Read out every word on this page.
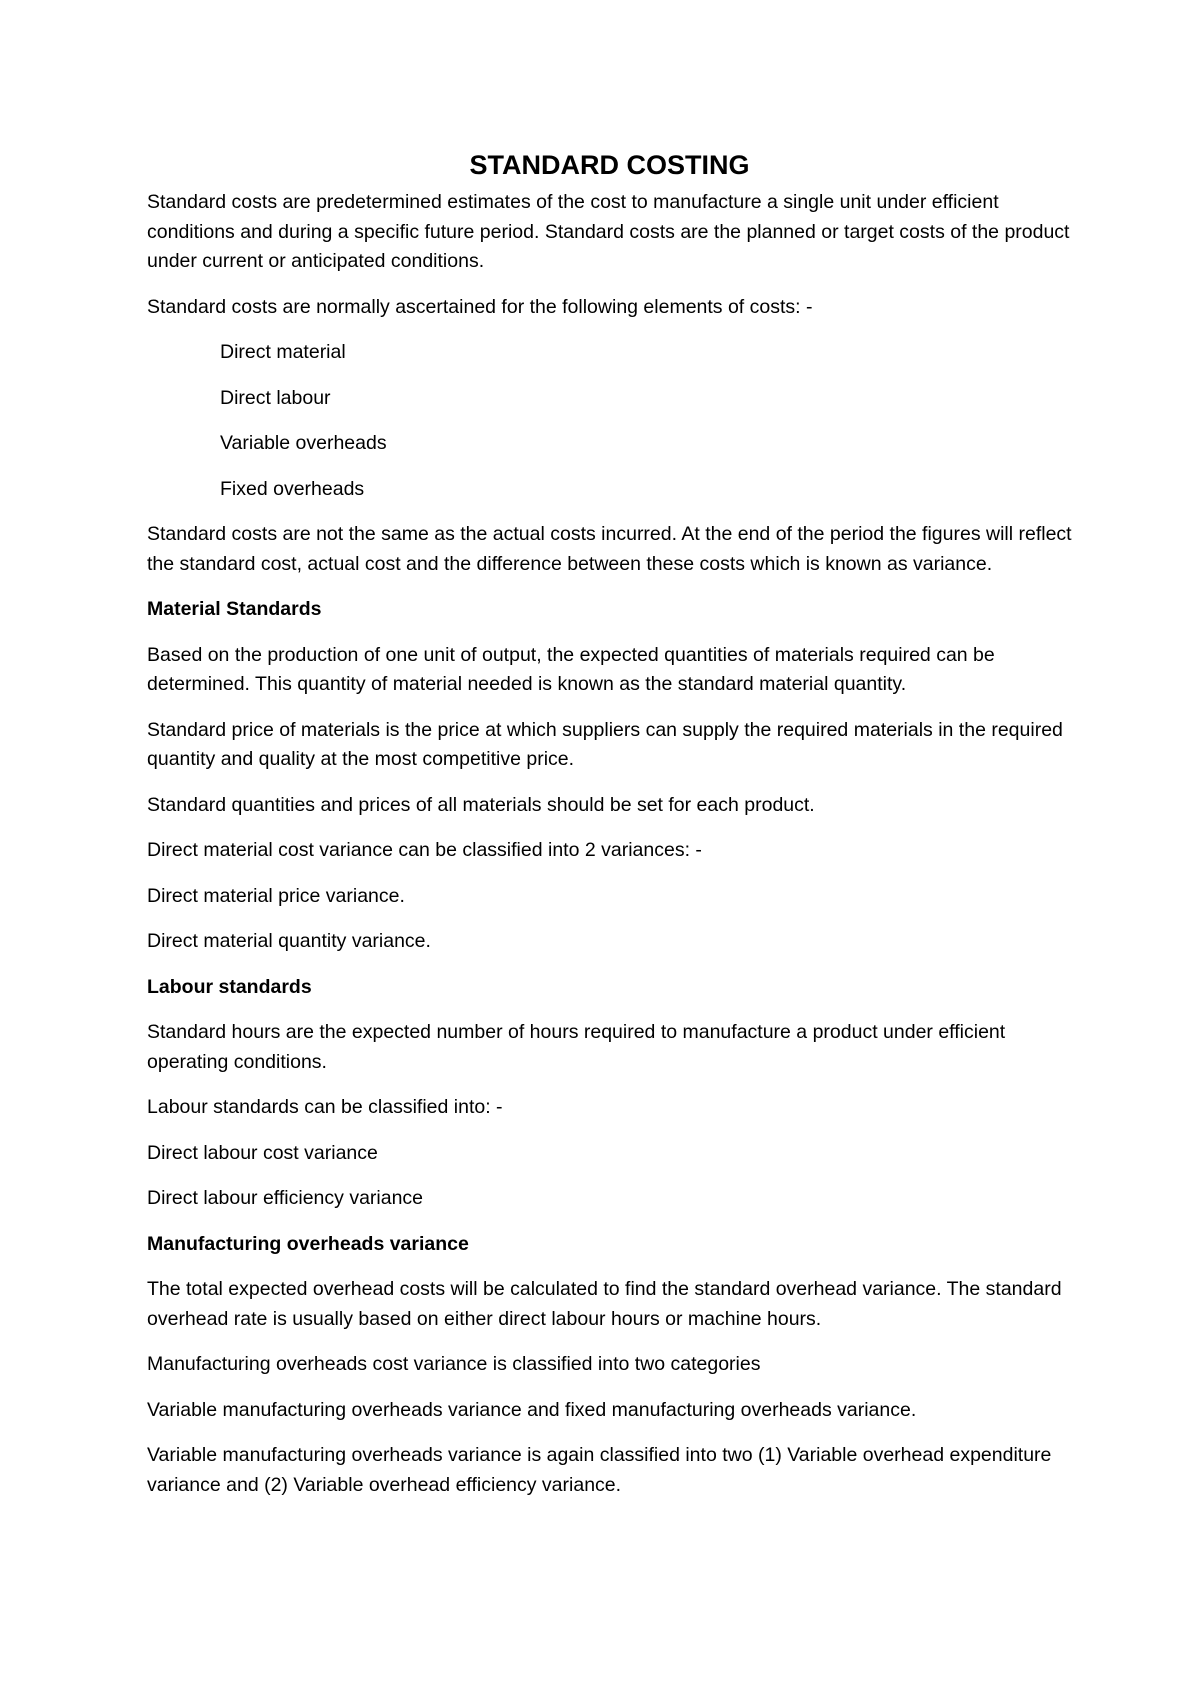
STANDARD COSTING

Standard costs are predetermined estimates of the cost to manufacture a single unit under efficient conditions and during a specific future period. Standard costs are the planned or target costs of the product under current or anticipated conditions.

Standard costs are normally ascertained for the following elements of costs: -

Direct material

Direct labour

Variable overheads

Fixed overheads

Standard costs are not the same as the actual costs incurred. At the end of the period the figures will reflect the standard cost, actual cost and the difference between these costs which is known as variance.

Material Standards

Based on the production of one unit of output, the expected quantities of materials required can be determined. This quantity of material needed is known as the standard material quantity.

Standard price of materials is the price at which suppliers can supply the required materials in the required quantity and quality at the most competitive price.

Standard quantities and prices of all materials should be set for each product.

Direct material cost variance can be classified into 2 variances: -

Direct material price variance.

Direct material quantity variance.

Labour standards

Standard hours are the expected number of hours required to manufacture a product under efficient operating conditions.

Labour standards can be classified into: -

Direct labour cost variance

Direct labour efficiency variance

Manufacturing overheads variance

The total expected overhead costs will be calculated to find the standard overhead variance. The standard overhead rate is usually based on either direct labour hours or machine hours.

Manufacturing overheads cost variance is classified into two categories

Variable manufacturing overheads variance and fixed manufacturing overheads variance.

Variable manufacturing overheads variance is again classified into two (1) Variable overhead expenditure variance and (2) Variable overhead efficiency variance.
